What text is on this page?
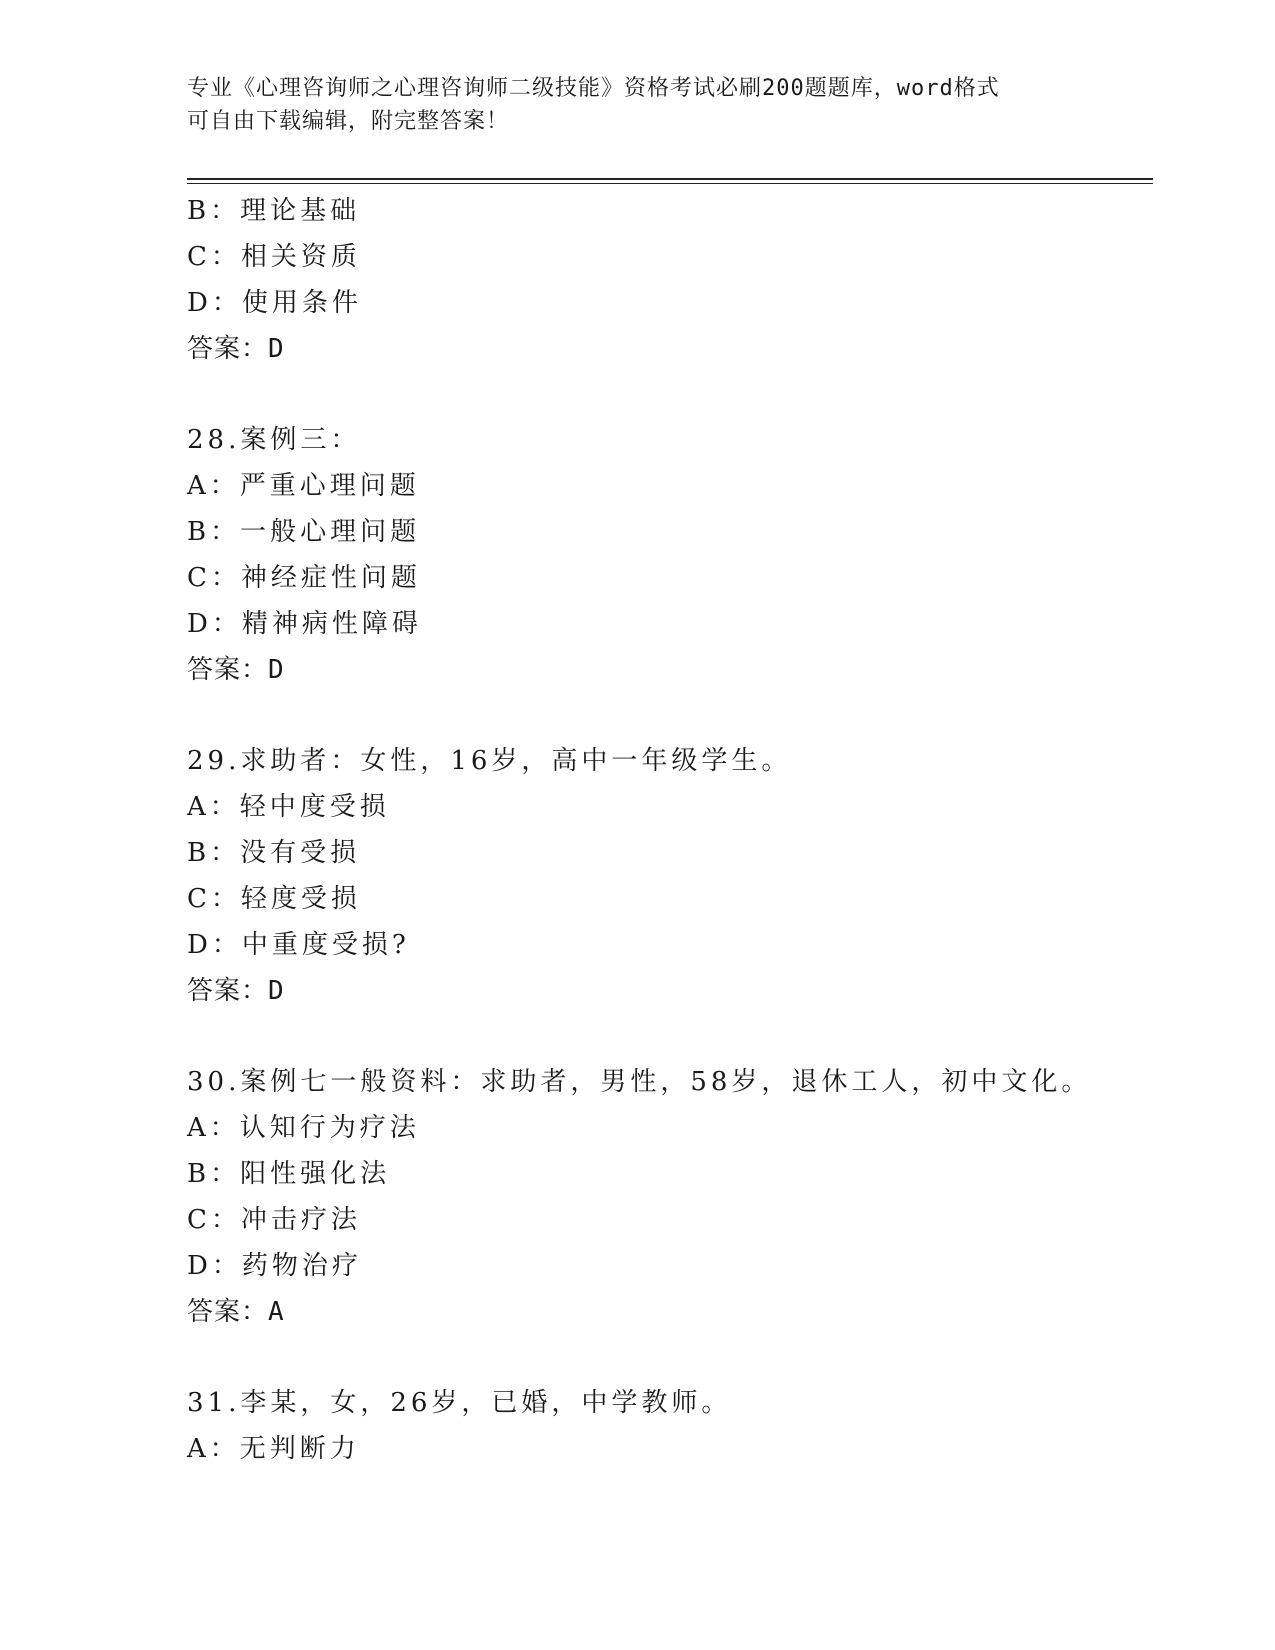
专业《心理咨询师之心理咨询师二级技能》资格考试必刷200题题库，word格式
可自由下载编辑，附完整答案！
B：理论基础
C：相关资质
D：使用条件
答案：D
28.案例三：
A：严重心理问题
B：一般心理问题
C：神经症性问题
D：精神病性障碍
答案：D
29.求助者：女性，16岁，高中一年级学生。
A：轻中度受损
B：没有受损
C：轻度受损
D：中重度受损?
答案：D
30.案例七一般资料：求助者，男性，58岁，退休工人，初中文化。
A：认知行为疗法
B：阳性强化法
C：冲击疗法
D：药物治疗
答案：A
31.李某，女，26岁，已婚，中学教师。
A：无判断力
